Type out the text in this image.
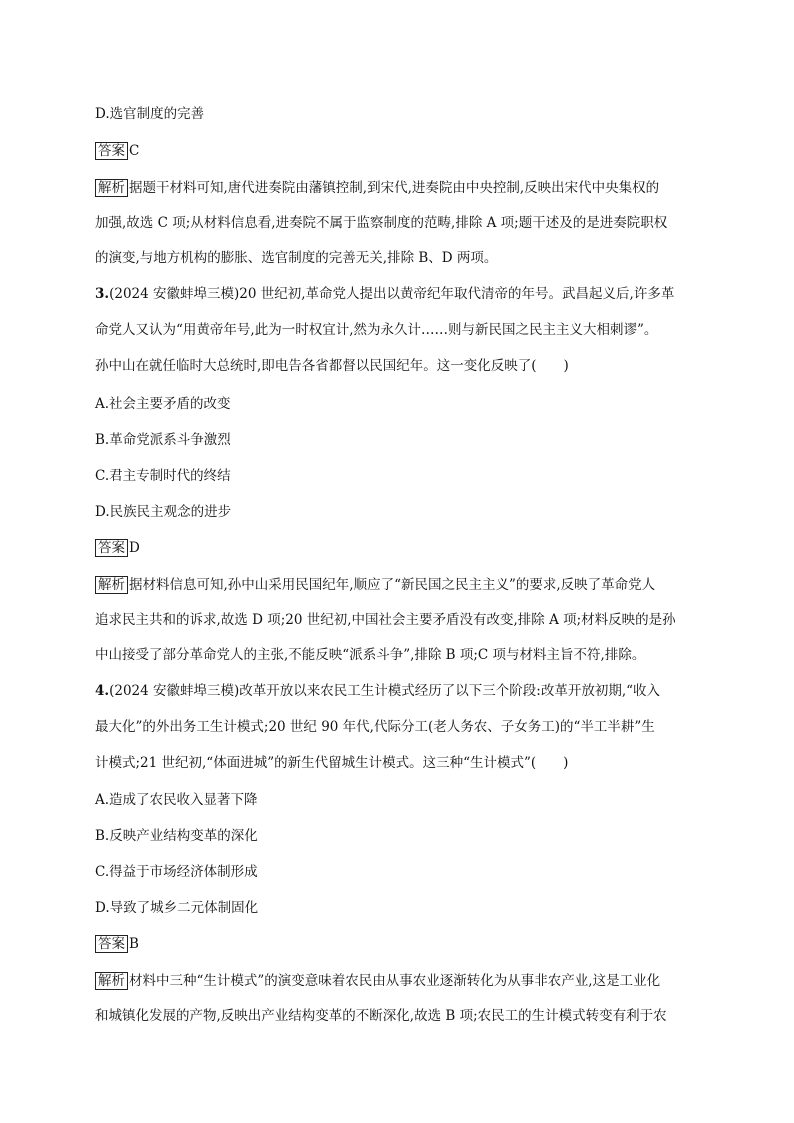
D.选官制度的完善
答案 C
解析 据题干材料可知,唐代进奏院由藩镇控制,到宋代,进奏院由中央控制,反映出宋代中央集权的
加强,故选 C 项;从材料信息看,进奏院不属于监察制度的范畴,排除 A 项;题干述及的是进奏院职权
的演变,与地方机构的膨胀、选官制度的完善无关,排除 B、D 两项。
3.(2024 安徽蚌埠三模)20 世纪初,革命党人提出以黄帝纪年取代清帝的年号。武昌起义后,许多革
命党人又认为“用黄帝年号,此为一时权宜计,然为永久计……则与新民国之民主主义大相刺谬”。
孙中山在就任临时大总统时,即电告各省都督以民国纪年。这一变化反映了(　　)
A.社会主要矛盾的改变
B.革命党派系斗争激烈
C.君主专制时代的终结
D.民族民主观念的进步
答案 D
解析 据材料信息可知,孙中山采用民国纪年,顺应了“新民国之民主主义”的要求,反映了革命党人
追求民主共和的诉求,故选 D 项;20 世纪初,中国社会主要矛盾没有改变,排除 A 项;材料反映的是孙
中山接受了部分革命党人的主张,不能反映“派系斗争”,排除 B 项;C 项与材料主旨不符,排除。
4.(2024 安徽蚌埠三模)改革开放以来农民工生计模式经历了以下三个阶段:改革开放初期,“收入
最大化”的外出务工生计模式;20 世纪 90 年代,代际分工(老人务农、子女务工)的“半工半耕”生
计模式;21 世纪初,“体面进城”的新生代留城生计模式。这三种“生计模式”(　　)
A.造成了农民收入显著下降
B.反映产业结构变革的深化
C.得益于市场经济体制形成
D.导致了城乡二元体制固化
答案 B
解析 材料中三种“生计模式”的演变意味着农民由从事农业逐渐转化为从事非农产业,这是工业化
和城镇化发展的产物,反映出产业结构变革的不断深化,故选 B 项;农民工的生计模式转变有利于农
